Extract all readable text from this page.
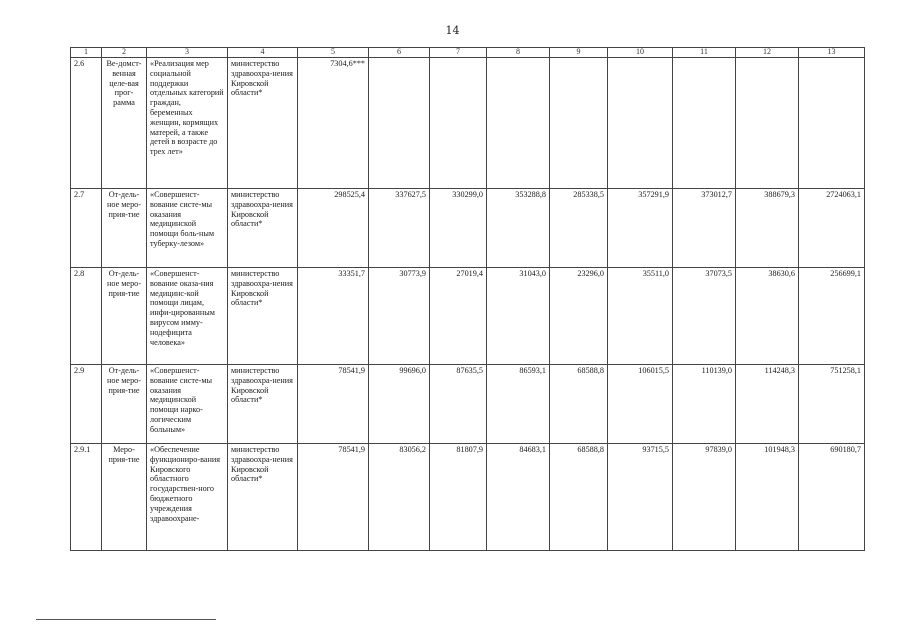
14
1	2	3	4	5	6	7	8	9	10	11	12	13
2.6	Ве-домст-венная целе-вая прог-рамма	«Реализация мер социальной поддержки отдельных категорий граждан, беременных женщин, кормящих матерей, а также детей в возрасте до трех лет»	министерство здравоохра-нения Кировской области*	7304,6***								
2.7	От-дель-ное меро-прия-тие	«Совершенст-вование систе-мы оказания медицинской помощи боль-ным туберку-лезом»	министерство здравоохра-нения Кировской области*	298525,4	337627,5	330299,0	353288,8	285338,5	357291,9	373012,7	388679,3	2724063,1
2.8	От-дель-ное меро-прия-тие	«Совершенст-вование оказа-ния медицинс-кой помощи лицам, инфи-цированным вирусом имму-нодефицита человека»	министерство здравоохра-нения Кировской области*	33351,7	30773,9	27019,4	31043,0	23296,0	35511,0	37073,5	38630,6	256699,1
2.9	От-дель-ное меро-прия-тие	«Совершенст-вование систе-мы оказания медицинской помощи нарко-логическим больным»	министерство здравоохра-нения Кировской области*	78541,9	99696,0	87635,5	86593,1	68588,8	106015,5	110139,0	114248,3	751258,1
2.9.1	Меро-прия-тие	«Обеспечение функциониро-вания Кировского областного государствен-ного бюджетного учреждения здравоохране-	министерство здравоохра-нения Кировской области*	78541,9	83056,2	81807,9	84683,1	68588,8	93715,5	97839,0	101948,3	690180,7
